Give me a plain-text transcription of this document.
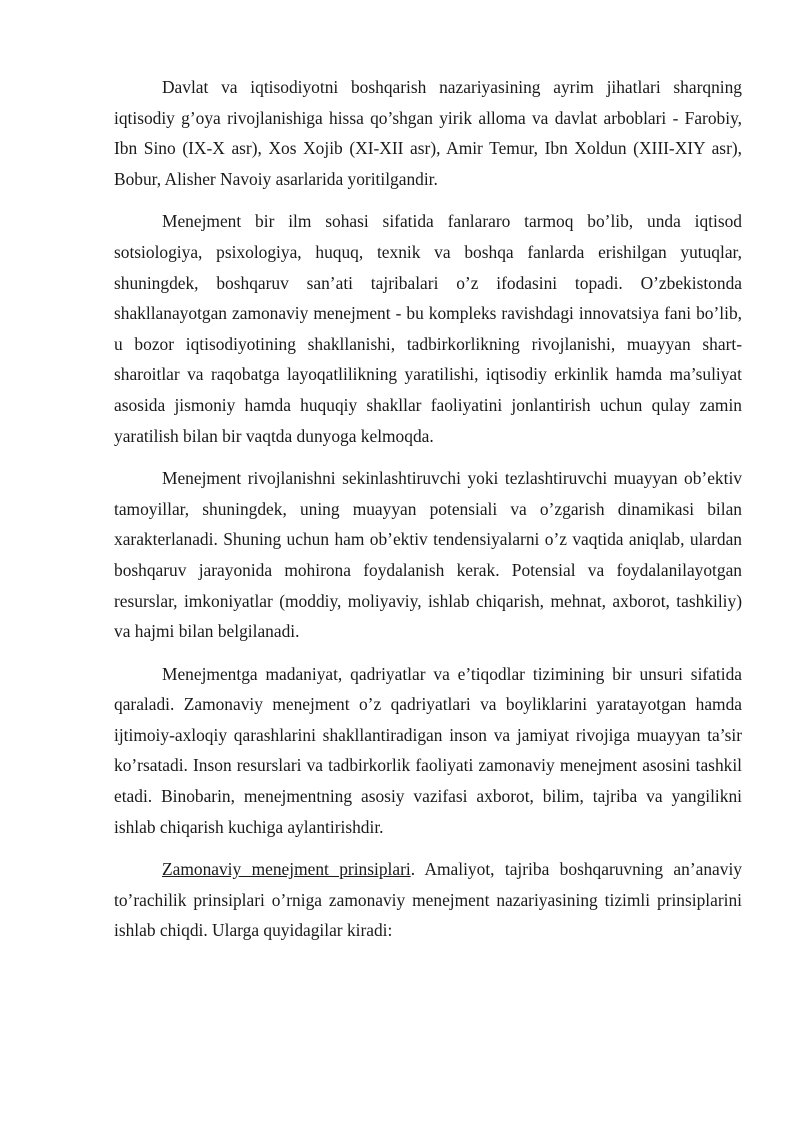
Davlat va iqtisodiyotni boshqarish nazariyasining ayrim jihatlari sharqning iqtisodiy g’oya rivojlanishiga hissa qo’shgan yirik alloma va davlat arboblari - Farobiy, Ibn Sino (IX-X asr), Xos Xojib (XI-XII asr), Amir Temur, Ibn Xoldun (XIII-XIY asr), Bobur, Alisher Navoiy asarlarida yoritilgandir.

Menejment bir ilm sohasi sifatida fanlararo tarmoq bo’lib, unda iqtisod sotsiologiya, psixologiya, huquq, texnik va boshqa fanlarda erishilgan yutuqlar, shuningdek, boshqaruv san’ati tajribalari o’z ifodasini topadi. O’zbekistonda shakllanayotgan zamonaviy menejment - bu kompleks ravishdagi innovatsiya fani bo’lib, u bozor iqtisodiyotining shakllanishi, tadbirkorlikning rivojlanishi, muayyan shart-sharoitlar va raqobatga layoqatlilikning yaratilishi, iqtisodiy erkinlik hamda ma’suliyat asosida jismoniy hamda huquqiy shakllar faoliyatini jonlantirish uchun qulay zamin yaratilish bilan bir vaqtda dunyoga kelmoqda.

Menejment rivojlanishni sekinlashtiruvchi yoki tezlashtiruvchi muayyan ob’ektiv tamoyillar, shuningdek, uning muayyan potensiali va o’zgarish dinamikasi bilan xarakterlanadi. Shuning uchun ham ob’ektiv tendensiyalarni o’z vaqtida aniqlab, ulardan boshqaruv jarayonida mohirona foydalanish kerak. Potensial va foydalanilayotgan resurslar, imkoniyatlar (moddiy, moliyaviy, ishlab chiqarish, mehnat, axborot, tashkiliy) va hajmi bilan belgilanadi.

Menejmentga madaniyat, qadriyatlar va e’tiqodlar tizimining bir unsuri sifatida qaraladi. Zamonaviy menejment o’z qadriyatlari va boyliklarini yaratayotgan hamda ijtimoiy-axloqiy qarashlarini shakllantiradigan inson va jamiyat rivojiga muayyan ta’sir ko’rsatadi. Inson resurslari va tadbirkorlik faoliyati zamonaviy menejment asosini tashkil etadi. Binobarin, menejmentning asosiy vazifasi axborot, bilim, tajriba va yangilikni ishlab chiqarish kuchiga aylantirishdir.

Zamonaviy menejment prinsiplari. Amaliyot, tajriba boshqaruvning an’anaviy to’rachilik prinsiplari o’rniga zamonaviy menejment nazariyasining tizimli prinsiplarini ishlab chiqdi. Ularga quyidagilar kiradi:
